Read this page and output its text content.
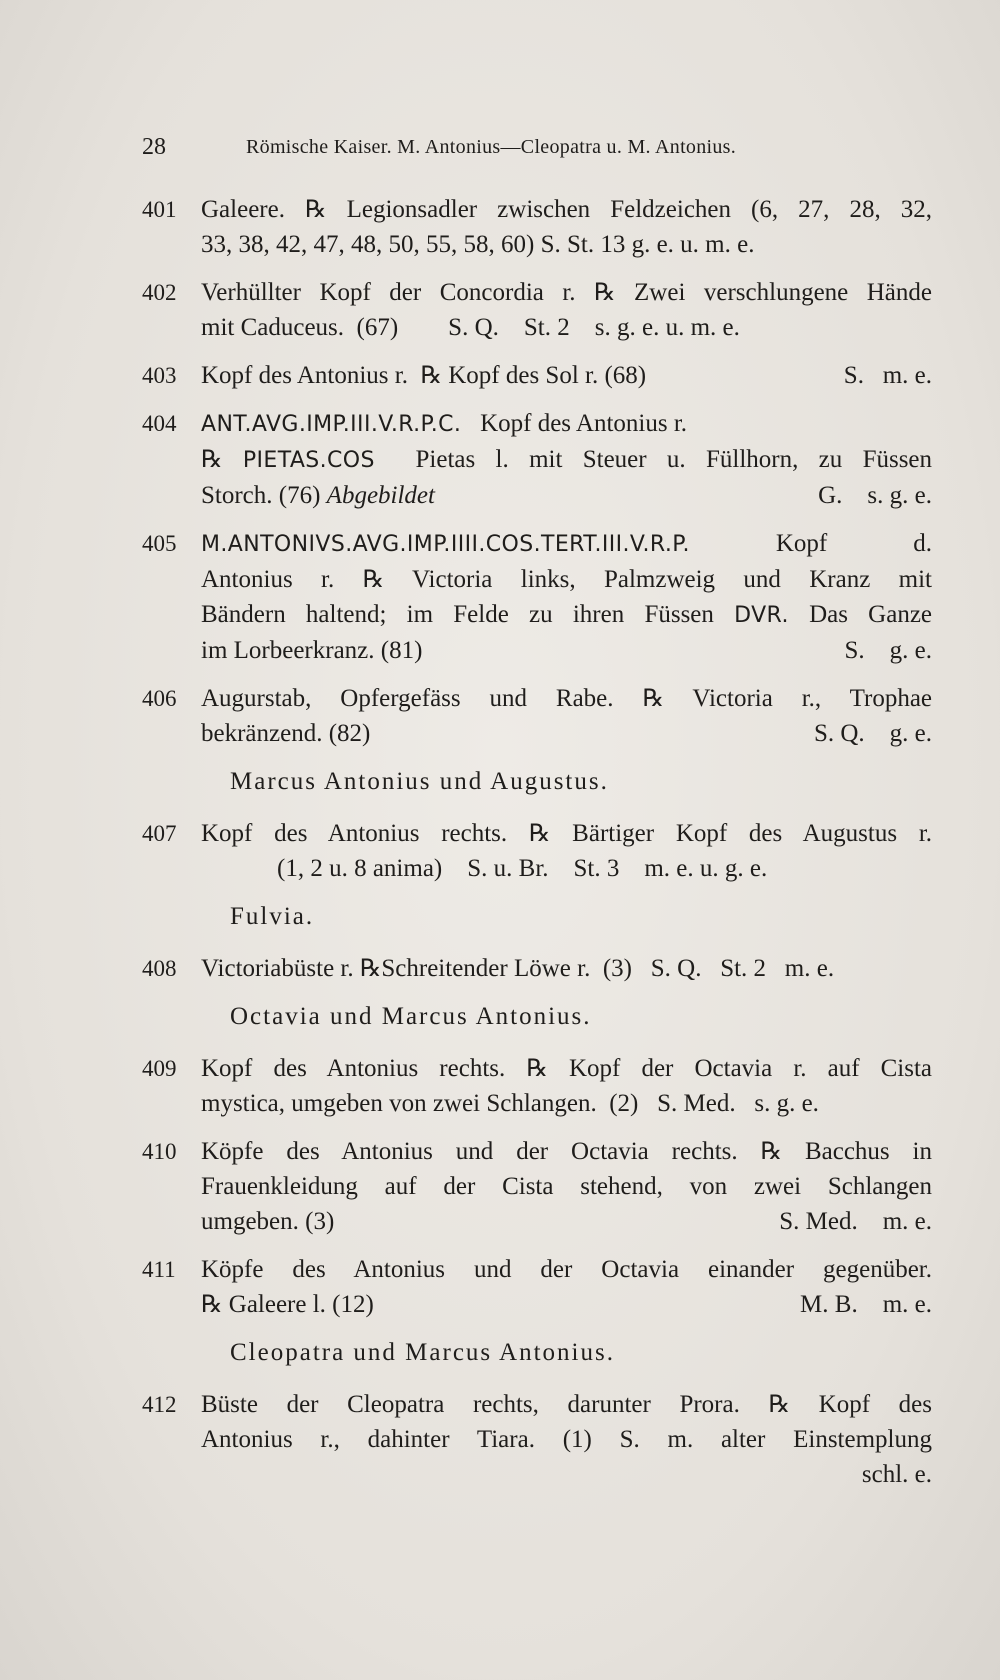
28	Römische Kaiser. M. Antonius—Cleopatra u. M. Antonius.
401 Galeere. ℞ Legionsadler zwischen Feldzeichen (6, 27, 28, 32,
33, 38, 42, 47, 48, 50, 55, 58, 60) S. St. 13 g. e. u. m. e.
402 Verhüllter Kopf der Concordia r. ℞ Zwei verschlungene Hände
mit Caduceus.  (67)        S. Q.    St. 2    s. g. e. u. m. e.
403 Kopf des Antonius r. ℞ Kopf des Sol r. (68)	S.   m. e.
404 ANT.AVG.IMP.III.V.R.P.C. Kopf des Antonius r.
℞ PIETAS.COS Pietas l. mit Steuer u. Füllhorn, zu Füssen
Storch. (76) Abgebildet	G.    s. g. e.
405 M.ANTONIVS.AVG.IMP.IIII.COS.TERT.III.V.R.P.	Kopf d.
Antonius r. ℞ Victoria links, Palmzweig und Kranz mit
Bändern haltend; im Felde zu ihren Füssen DVR. Das Ganze
im Lorbeerkranz. (81)	S.    g. e.
406 Augurstab, Opfergefäss und Rabe. ℞ Victoria r., Trophae
bekränzend. (82)	S. Q.    g. e.
Marcus Antonius und Augustus.
407 Kopf des Antonius rechts. ℞ Bärtiger Kopf des Augustus r.
(1, 2 u. 8 anima)    S. u. Br.    St. 3    m. e. u. g. e.
Fulvia.
408 Victoriabüste r. ℞Schreitender Löwe r.  (3)   S. Q.   St. 2   m. e.
Octavia und Marcus Antonius.
409 Kopf des Antonius rechts. ℞ Kopf der Octavia r. auf Cista
mystica, umgeben von zwei Schlangen.  (2)   S. Med.   s. g. e.
410 Köpfe des Antonius und der Octavia rechts. ℞ Bacchus in
Frauenkleidung auf der Cista stehend, von zwei Schlangen
umgeben. (3)	S. Med.    m. e.
411 Köpfe des Antonius und der Octavia einander gegenüber.
℞ Galeere l. (12)	M. B.    m. e.
Cleopatra und Marcus Antonius.
412 Büste der Cleopatra rechts, darunter Prora. ℞ Kopf des
Antonius r., dahinter Tiara. (1) S. m. alter Einstemplung
schl. e.
